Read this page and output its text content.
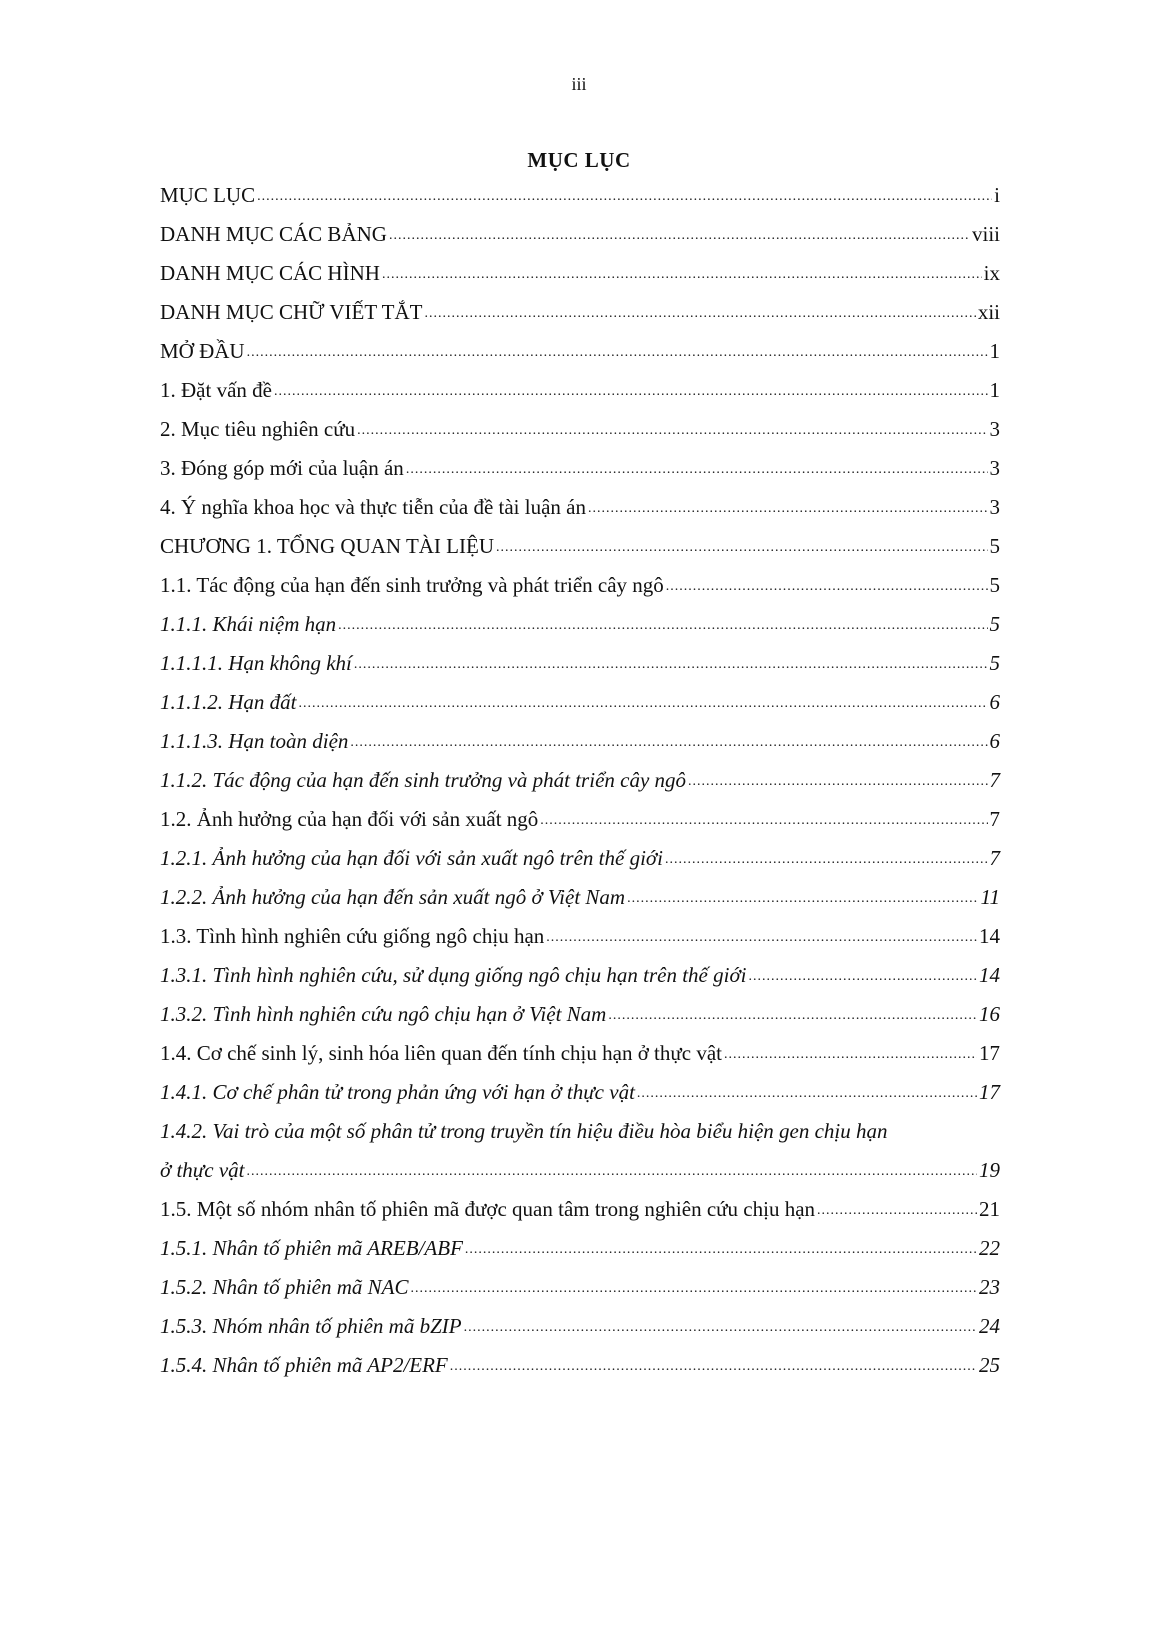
iii
MỤC LỤC
MỤC LỤC .....	i
DANH MỤC CÁC BẢNG .....	viii
DANH MỤC CÁC HÌNH .....	ix
DANH MỤC CHỮ VIẾT TẮT .....	xii
MỞ ĐẦU .....	1
1. Đặt vấn đề .....	1
2. Mục tiêu nghiên cứu .....	3
3. Đóng góp mới của luận án .....	3
4. Ý nghĩa khoa học và thực tiễn của đề tài luận án .....	3
CHƯƠNG 1. TỔNG QUAN TÀI LIỆU .....	5
1.1. Tác động của hạn đến sinh trưởng và phát triển cây ngô .....	5
1.1.1. Khái niệm hạn .....	5
1.1.1.1. Hạn không khí .....	5
1.1.1.2. Hạn đất .....	6
1.1.1.3. Hạn toàn diện .....	6
1.1.2. Tác động của hạn đến sinh trưởng và phát triển cây ngô .....	7
1.2. Ảnh hưởng của hạn đối với sản xuất ngô .....	7
1.2.1. Ảnh hưởng của hạn đối với sản xuất ngô trên thế giới .....	7
1.2.2. Ảnh hưởng của hạn đến sản xuất ngô ở Việt Nam .....	11
1.3. Tình hình nghiên cứu giống ngô chịu hạn .....	14
1.3.1. Tình hình nghiên cứu, sử dụng giống ngô chịu hạn trên thế giới .....	14
1.3.2. Tình hình nghiên cứu ngô chịu hạn ở Việt Nam .....	16
1.4. Cơ chế sinh lý, sinh hóa liên quan đến tính chịu hạn ở thực vật .....	17
1.4.1. Cơ chế phân tử trong phản ứng với hạn ở thực vật .....	17
1.4.2. Vai trò của một số phân tử trong truyền tín hiệu điều hòa biểu hiện gen chịu hạn
ở thực vật .....	19
1.5. Một số nhóm nhân tố phiên mã được quan tâm trong nghiên cứu chịu hạn .....	21
1.5.1. Nhân tố phiên mã AREB/ABF .....	22
1.5.2. Nhân tố phiên mã NAC .....	23
1.5.3. Nhóm nhân tố phiên mã bZIP .....	24
1.5.4. Nhân tố phiên mã AP2/ERF .....	25
